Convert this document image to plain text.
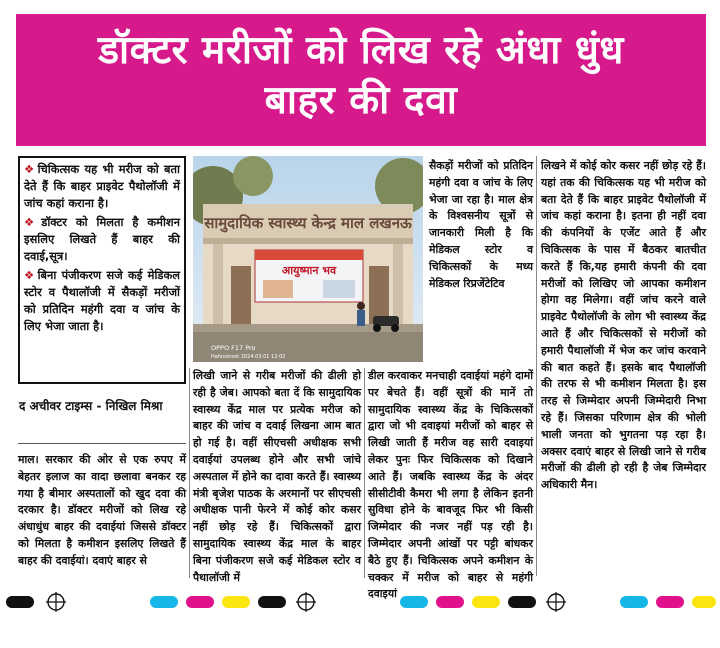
डॉक्टर मरीजों को लिख रहे अंधा धुंध
बाहर की दवा

❖ चिकित्सक यह भी मरीज को बता देते हैं कि बाहर प्राइवेट पैथोलॉजी में जांच कहां कराना है।

❖ डॉक्टर को मिलता है कमीशन इसलिए लिखते हैं बाहर की दवाई,सूत्र।

❖ बिना पंजीकरण सजे कई मेडिकल स्टोर व पैथालॉजी में सैकड़ों मरीजों को प्रतिदिन महंगी दवा व जांच के लिए भेजा जाता है।

द अचीवर टाइम्स - निखिल मिश्रा
सामुदायिक स्वास्थ्य केन्द्र माल लखनऊ
आयुष्मान भव
OPPO F17 Pro
Hahnotreet 2024.03.01 12:02

माल। सरकार की ओर से एक रुपए में बेहतर इलाज का वादा छलावा बनकर रह गया है बीमार अस्पतालों को खुद दवा की दरकार है। डॉक्टर मरीजों को लिख रहे अंधाधुंध बाहर की दवाईयां जिससे डॉक्टर को मिलता है कमीशन इसलिए लिखते हैं बाहर की दवाईयां। दवाएं बाहर से

लिखी जाने से गरीब मरीजों की ढीली हो रही है जेब। आपको बता दें कि सामुदायिक स्वास्थ्य केंद्र माल पर प्रत्येक मरीज को बाहर की जांच व दवाई लिखना आम बात हो गई है। वहीं सीएचसी अधीक्षक सभी दवाईयां उपलब्ध होने और सभी जांचे अस्पताल में होने का दावा करते हैं। स्वास्थ्य मंत्री बृजेश पाठक के अरमानों पर सीएचसी अधीक्षक पानी फेरने में कोई कोर कसर नहीं छोड़ रहे हैं। चिकित्सकों द्वारा सामुदायिक स्वास्थ्य केंद्र माल के बाहर बिना पंजीकरण सजे कई मेडिकल स्टोर व पैथालॉजी में

सैकड़ों मरीजों को प्रतिदिन महंगी दवा व जांच के लिए भेजा जा रहा है। माल क्षेत्र के विश्वसनीय सूत्रों से जानकारी मिली है कि मेडिकल स्टोर व चिकित्सकों के मध्य मेडिकल रिप्रजेंटेटिव

डील करवाकर मनचाही दवाईयां महंगे दामों पर बेचते हैं। वहीं सूत्रों की मानें तो सामुदायिक स्वास्थ्य केंद्र के चिकित्सकों द्वारा जो भी दवाइयां मरीजों को बाहर से लिखी जाती हैं मरीज वह सारी दवाइयां लेकर पुनः फिर चिकित्सक को दिखाने आते हैं। जबकि स्वास्थ्य केंद्र के अंदर सीसीटीवी कैमरा भी लगा है लेकिन इतनी सुविधा होने के बावजूद फिर भी किसी जिम्मेदार की नजर नहीं पड़ रही है। जिम्मेदार अपनी आंखों पर पट्टी बांधकर बैठे हुए हैं। चिकित्सक अपने कमीशन के चक्कर में मरीज को बाहर से महंगी दवाइयां

लिखने में कोई कोर कसर नहीं छोड़ रहे हैं। यहां तक की चिकित्सक यह भी मरीज को बता देते हैं कि बाहर प्राइवेट पैथोलॉजी में जांच कहां कराना है। इतना ही नहीं दवा की कंपनियों के एजेंट आते हैं और चिकित्सक के पास में बैठकर बातचीत करते हैं कि,यह हमारी कंपनी की दवा मरीजों को लिखिए जो आपका कमीशन होगा वह मिलेगा। वहीं जांच करने वाले प्राइवेट पैथोलॉजी के लोग भी स्वास्थ्य केंद्र आते हैं और चिकित्सकों से मरीजों को हमारी पैथालॉजी में भेज कर जांच करवाने की बात कहते हैं। इसके बाद पैथालॉजी की तरफ से भी कमीशन मिलता है। इस तरह से जिम्मेदार अपनी जिम्मेदारी निभा रहे हैं। जिसका परिणाम क्षेत्र की भोली भाली जनता को भुगतना पड़ रहा है। अक्सर दवाएं बाहर से लिखी जाने से गरीब मरीजों की ढीली हो रही है जेब जिम्मेदार अधिकारी मैन।
